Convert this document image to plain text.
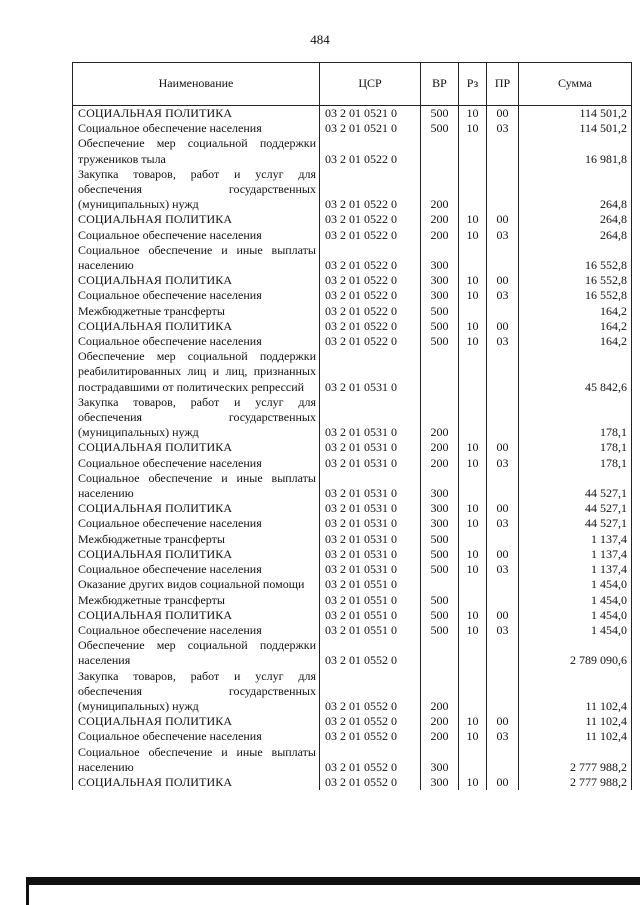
484
Наименование	ЦСР	ВР	Рз	ПР	Сумма
СОЦИАЛЬНАЯ ПОЛИТИКА	03 2 01 0521 0	500	10	00	114 501,2
Социальное обеспечение населения	03 2 01 0521 0	500	10	03	114 501,2
Обеспечение мер социальной поддержки тружеников тыла	03 2 01 0522 0				16 981,8
Закупка товаров, работ и услуг для обеспечения государственных (муниципальных) нужд	03 2 01 0522 0	200			264,8
СОЦИАЛЬНАЯ ПОЛИТИКА	03 2 01 0522 0	200	10	00	264,8
Социальное обеспечение населения	03 2 01 0522 0	200	10	03	264,8
Социальное обеспечение и иные выплаты населению	03 2 01 0522 0	300			16 552,8
СОЦИАЛЬНАЯ ПОЛИТИКА	03 2 01 0522 0	300	10	00	16 552,8
Социальное обеспечение населения	03 2 01 0522 0	300	10	03	16 552,8
Межбюджетные трансферты	03 2 01 0522 0	500			164,2
СОЦИАЛЬНАЯ ПОЛИТИКА	03 2 01 0522 0	500	10	00	164,2
Социальное обеспечение населения	03 2 01 0522 0	500	10	03	164,2
Обеспечение мер социальной поддержки реабилитированных лиц и лиц, признанных пострадавшими от политических репрессий	03 2 01 0531 0				45 842,6
Закупка товаров, работ и услуг для обеспечения государственных (муниципальных) нужд	03 2 01 0531 0	200			178,1
СОЦИАЛЬНАЯ ПОЛИТИКА	03 2 01 0531 0	200	10	00	178,1
Социальное обеспечение населения	03 2 01 0531 0	200	10	03	178,1
Социальное обеспечение и иные выплаты населению	03 2 01 0531 0	300			44 527,1
СОЦИАЛЬНАЯ ПОЛИТИКА	03 2 01 0531 0	300	10	00	44 527,1
Социальное обеспечение населения	03 2 01 0531 0	300	10	03	44 527,1
Межбюджетные трансферты	03 2 01 0531 0	500			1 137,4
СОЦИАЛЬНАЯ ПОЛИТИКА	03 2 01 0531 0	500	10	00	1 137,4
Социальное обеспечение населения	03 2 01 0531 0	500	10	03	1 137,4
Оказание других видов социальной помощи	03 2 01 0551 0				1 454,0
Межбюджетные трансферты	03 2 01 0551 0	500			1 454,0
СОЦИАЛЬНАЯ ПОЛИТИКА	03 2 01 0551 0	500	10	00	1 454,0
Социальное обеспечение населения	03 2 01 0551 0	500	10	03	1 454,0
Обеспечение мер социальной поддержки населения	03 2 01 0552 0				2 789 090,6
Закупка товаров, работ и услуг для обеспечения государственных (муниципальных) нужд	03 2 01 0552 0	200			11 102,4
СОЦИАЛЬНАЯ ПОЛИТИКА	03 2 01 0552 0	200	10	00	11 102,4
Социальное обеспечение населения	03 2 01 0552 0	200	10	03	11 102,4
Социальное обеспечение и иные выплаты населению	03 2 01 0552 0	300			2 777 988,2
СОЦИАЛЬНАЯ ПОЛИТИКА	03 2 01 0552 0	300	10	00	2 777 988,2
